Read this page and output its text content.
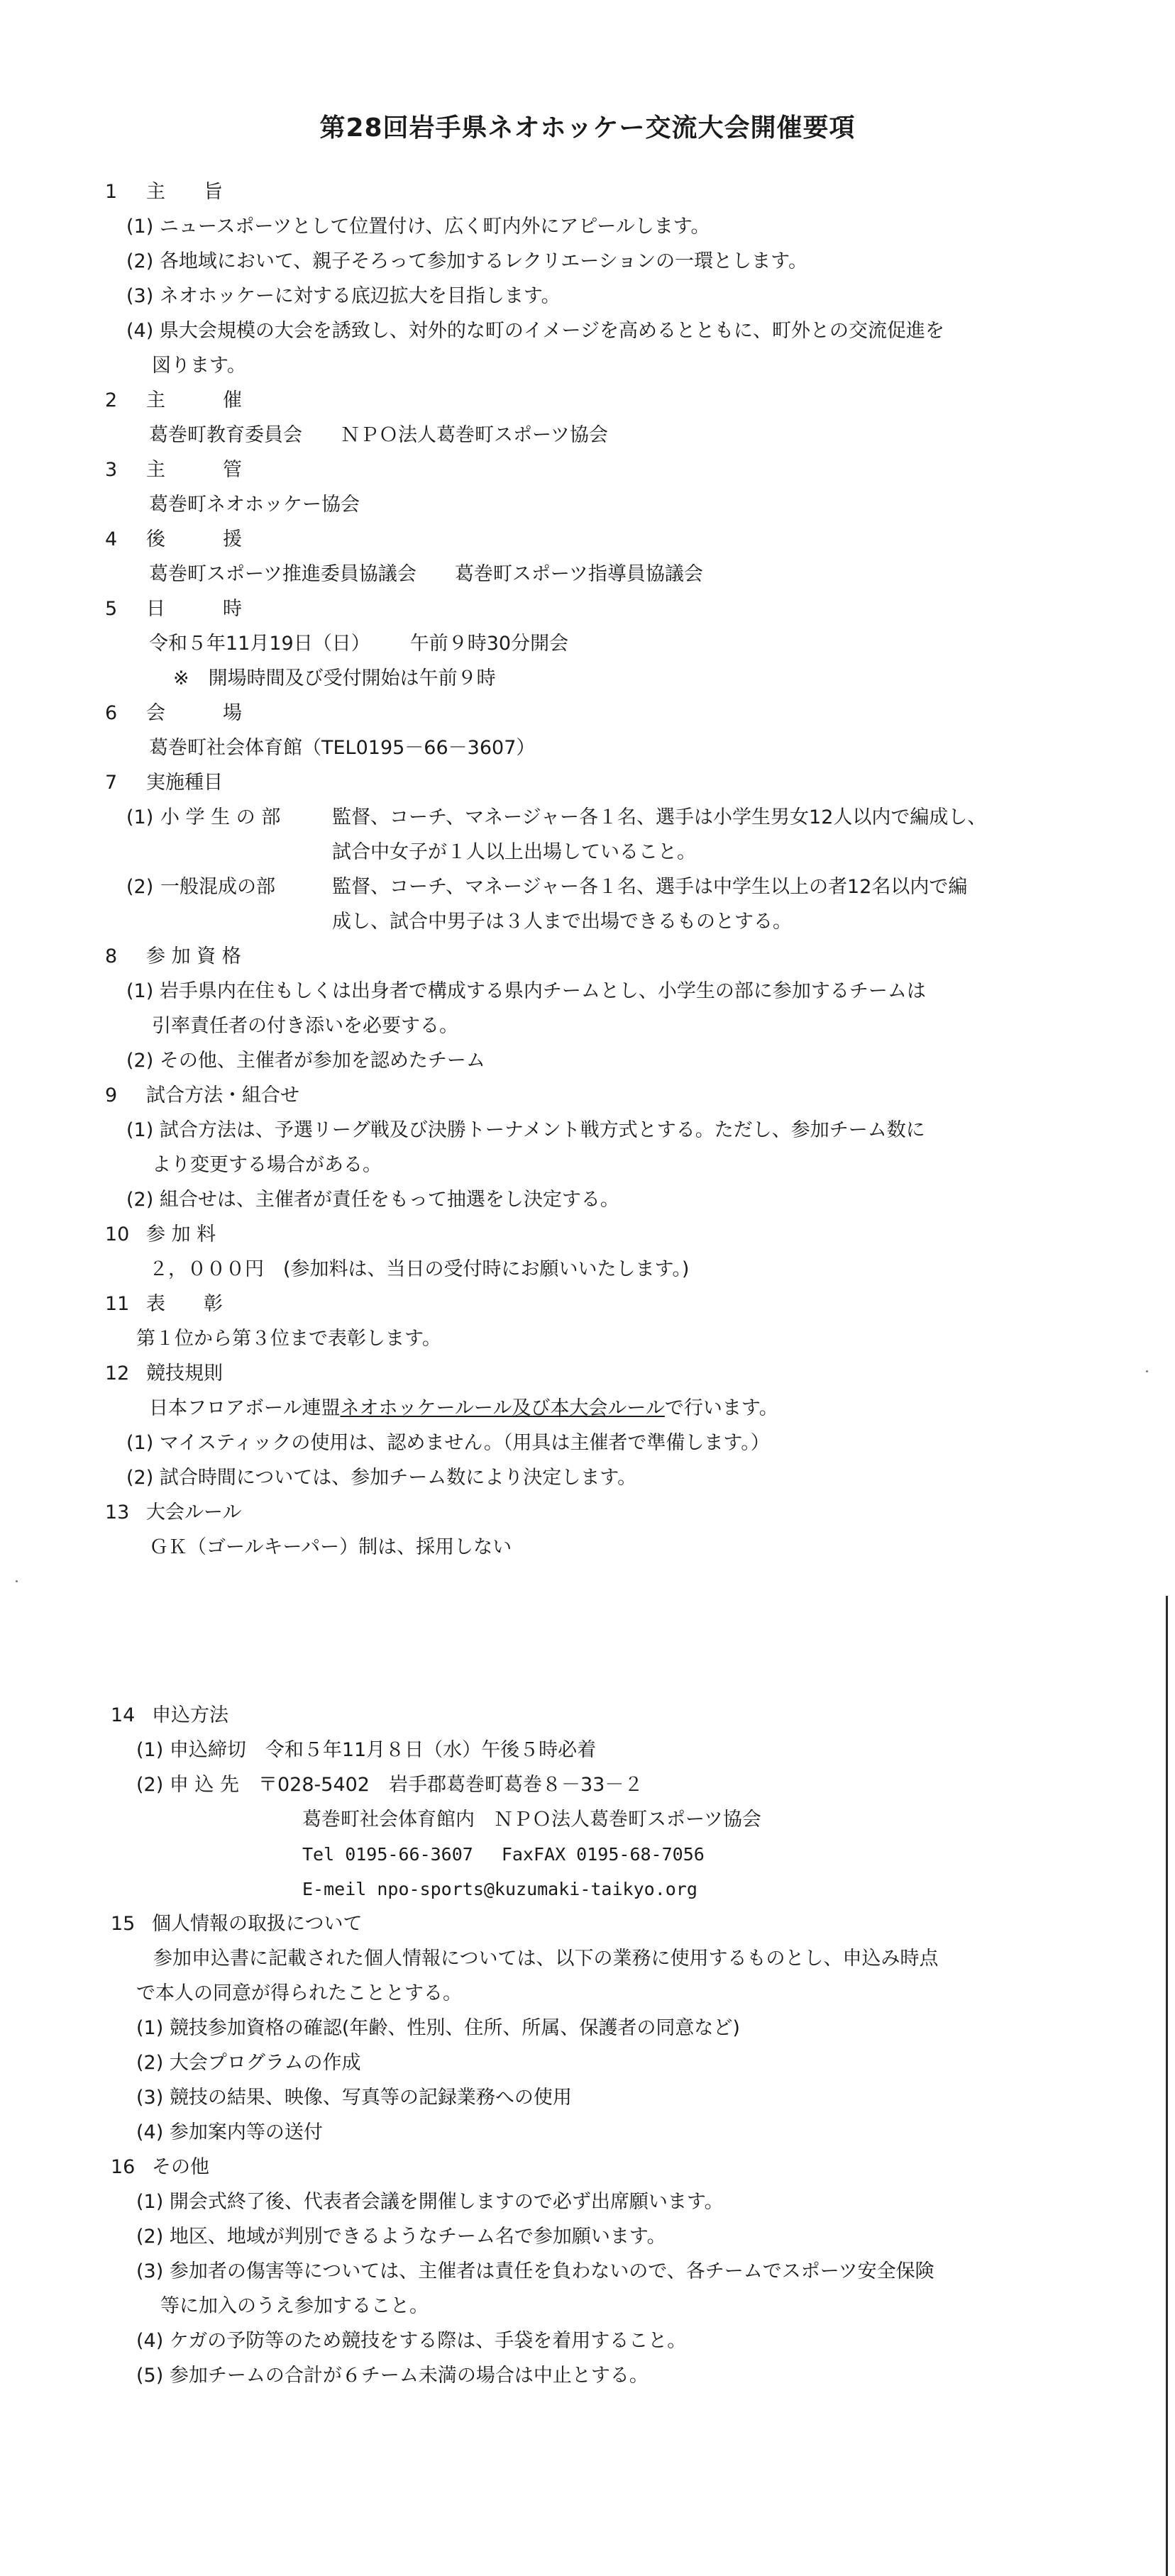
第28回岩手県ネオホッケー交流大会開催要項
1 主　　旨
(1) ニュースポーツとして位置付け、広く町内外にアピールします。
(2) 各地域において、親子そろって参加するレクリエーションの一環とします。
(3) ネオホッケーに対する底辺拡大を目指します。
(4) 県大会規模の大会を誘致し、対外的な町のイメージを高めるとともに、町外との交流促進を
図ります。
2 主　　　催
葛巻町教育委員会　　ＮＰＯ法人葛巻町スポーツ協会
3 主　　　管
葛巻町ネオホッケー協会
4 後　　　援
葛巻町スポーツ推進委員協議会　　葛巻町スポーツ指導員協議会
5 日　　　時
令和５年11月19日（日） 午前９時30分開会
※　開場時間及び受付開始は午前９時
6 会　　　場
葛巻町社会体育館（TEL0195－66－3607）
7 実施種目
(1) 小 学 生 の 部	監督、コーチ、マネージャー各１名、選手は小学生男女12人以内で編成し、
試合中女子が１人以上出場していること。
(2) 一般混成の部	監督、コーチ、マネージャー各１名、選手は中学生以上の者12名以内で編
成し、試合中男子は３人まで出場できるものとする。
8 参 加 資 格
(1) 岩手県内在住もしくは出身者で構成する県内チームとし、小学生の部に参加するチームは
引率責任者の付き添いを必要する。
(2) その他、主催者が参加を認めたチーム
9 試合方法・組合せ
(1) 試合方法は、予選リーグ戦及び決勝トーナメント戦方式とする。ただし、参加チーム数に
より変更する場合がある。
(2) 組合せは、主催者が責任をもって抽選をし決定する。
10 参 加 料
２，０００円　(参加料は、当日の受付時にお願いいたします。)
11 表　　彰
第１位から第３位まで表彰します。
12 競技規則
日本フロアボール連盟ネオホッケールール及び本大会ルールで行います。
(1) マイスティックの使用は、認めません。（用具は主催者で準備します。）
(2) 試合時間については、参加チーム数により決定します。
13 大会ルール
ＧＫ（ゴールキーパー）制は、採用しない
14 申込方法
(1) 申込締切　令和５年11月８日（水）午後５時必着
(2) 申 込 先　〒028-5402　岩手郡葛巻町葛巻８－33－２
葛巻町社会体育館内　ＮＰＯ法人葛巻町スポーツ協会
Tel 0195-66-3607 FaxFAX 0195-68-7056
E-meil npo-sports@kuzumaki-taikyo.org
15 個人情報の取扱について
参加申込書に記載された個人情報については、以下の業務に使用するものとし、申込み時点
で本人の同意が得られたこととする。
(1) 競技参加資格の確認(年齢、性別、住所、所属、保護者の同意など)
(2) 大会プログラムの作成
(3) 競技の結果、映像、写真等の記録業務への使用
(4) 参加案内等の送付
16 その他
(1) 開会式終了後、代表者会議を開催しますので必ず出席願います。
(2) 地区、地域が判別できるようなチーム名で参加願います。
(3) 参加者の傷害等については、主催者は責任を負わないので、各チームでスポーツ安全保険
等に加入のうえ参加すること。
(4) ケガの予防等のため競技をする際は、手袋を着用すること。
(5) 参加チームの合計が６チーム未満の場合は中止とする。
